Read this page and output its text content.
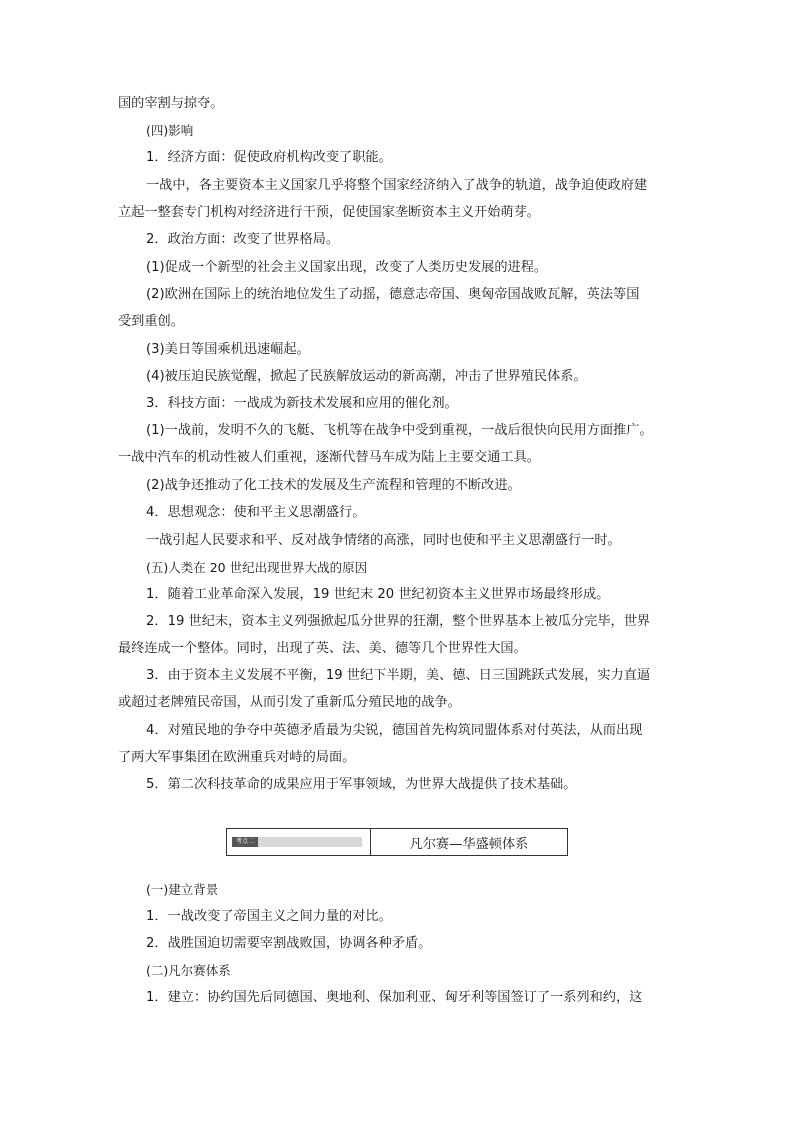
国的宰割与掠夺。
(四)影响
1．经济方面：促使政府机构改变了职能。
一战中，各主要资本主义国家几乎将整个国家经济纳入了战争的轨道，战争迫使政府建
立起一整套专门机构对经济进行干预，促使国家垄断资本主义开始萌芽。
2．政治方面：改变了世界格局。
(1)促成一个新型的社会主义国家出现，改变了人类历史发展的进程。
(2)欧洲在国际上的统治地位发生了动摇，德意志帝国、奥匈帝国战败瓦解，英法等国
受到重创。
(3)美日等国乘机迅速崛起。
(4)被压迫民族觉醒，掀起了民族解放运动的新高潮，冲击了世界殖民体系。
3．科技方面：一战成为新技术发展和应用的催化剂。
(1)一战前，发明不久的飞艇、飞机等在战争中受到重视，一战后很快向民用方面推广。
一战中汽车的机动性被人们重视，逐渐代替马车成为陆上主要交通工具。
(2)战争还推动了化工技术的发展及生产流程和管理的不断改进。
4．思想观念：使和平主义思潮盛行。
一战引起人民要求和平、反对战争情绪的高涨，同时也使和平主义思潮盛行一时。
(五)人类在 20 世纪出现世界大战的原因
1．随着工业革命深入发展，19 世纪末 20 世纪初资本主义世界市场最终形成。
2．19 世纪末，资本主义列强掀起瓜分世界的狂潮，整个世界基本上被瓜分完毕，世界
最终连成一个整体。同时，出现了英、法、美、德等几个世界性大国。
3．由于资本主义发展不平衡，19 世纪下半期，美、德、日三国跳跃式发展，实力直逼
或超过老牌殖民帝国，从而引发了重新瓜分殖民地的战争。
4．对殖民地的争夺中英德矛盾最为尖锐，德国首先构筑同盟体系对付英法，从而出现
了两大军事集团在欧洲重兵对峙的局面。
5．第二次科技革命的成果应用于军事领域，为世界大战提供了技术基础。
考点二	凡尔赛—华盛顿体系
(一)建立背景
1．一战改变了帝国主义之间力量的对比。
2．战胜国迫切需要宰割战败国，协调各种矛盾。
(二)凡尔赛体系
1．建立：协约国先后同德国、奥地利、保加利亚、匈牙利等国签订了一系列和约，这
